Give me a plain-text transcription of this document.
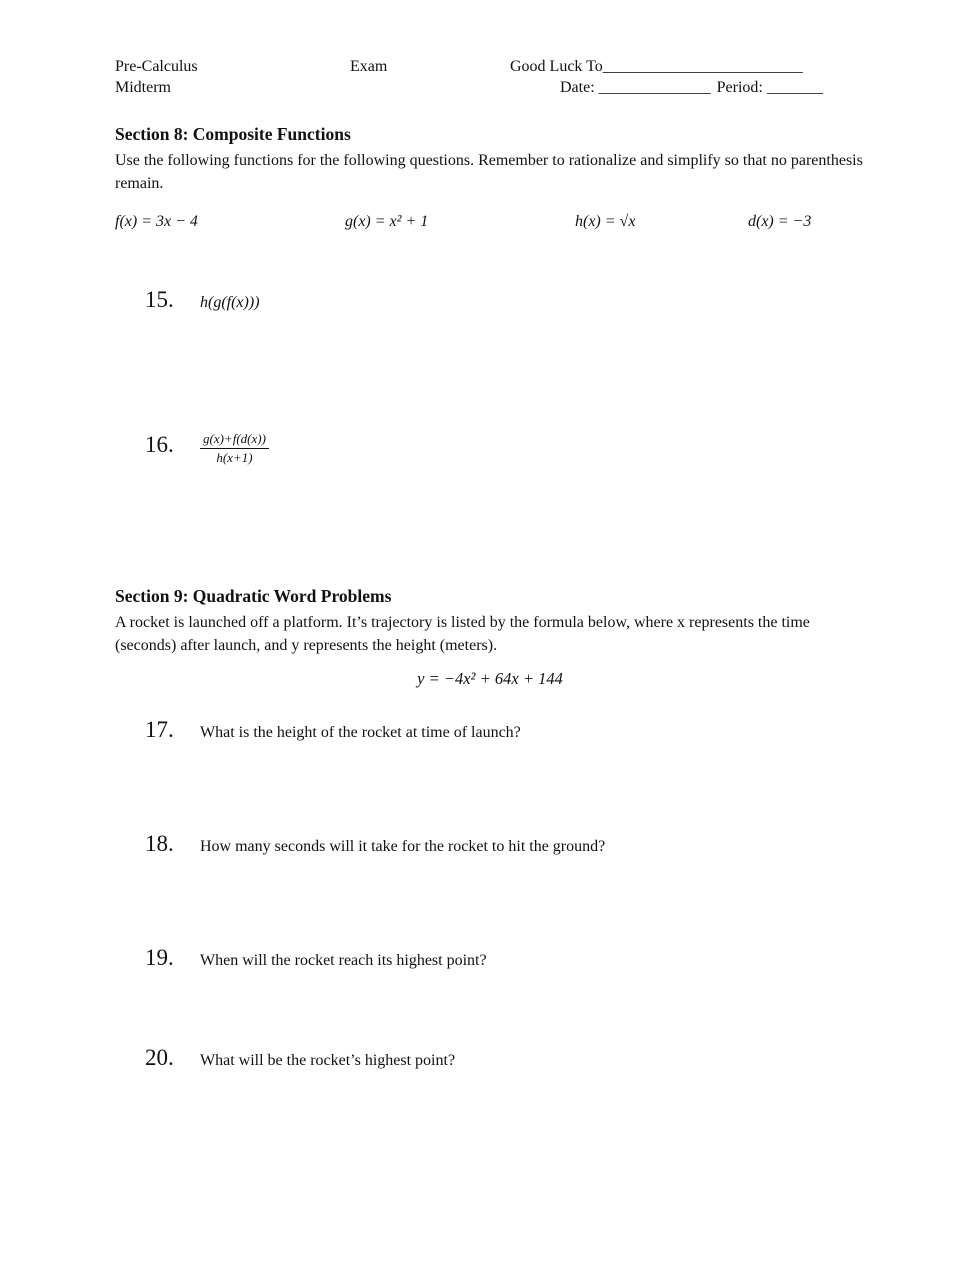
Pre-Calculus
Midterm
Exam	Good Luck To_________________________
Date: ______________ Period: _______
Section 8: Composite Functions
Use the following functions for the following questions. Remember to rationalize and simplify so that no parenthesis remain.
f(x) = 3x − 4	g(x) = x² + 1	h(x) = √x	d(x) = −3
15.	h(g(f(x)))
16.	$\frac{g(x)+f(d(x))}{h(x+1)}$
Section 9: Quadratic Word Problems
A rocket is launched off a platform. It’s trajectory is listed by the formula below, where x represents the time (seconds) after launch, and y represents the height (meters).
y = −4x² + 64x + 144
17.	What is the height of the rocket at time of launch?
18.	How many seconds will it take for the rocket to hit the ground?
19.	When will the rocket reach its highest point?
20.	What will be the rocket’s highest point?
